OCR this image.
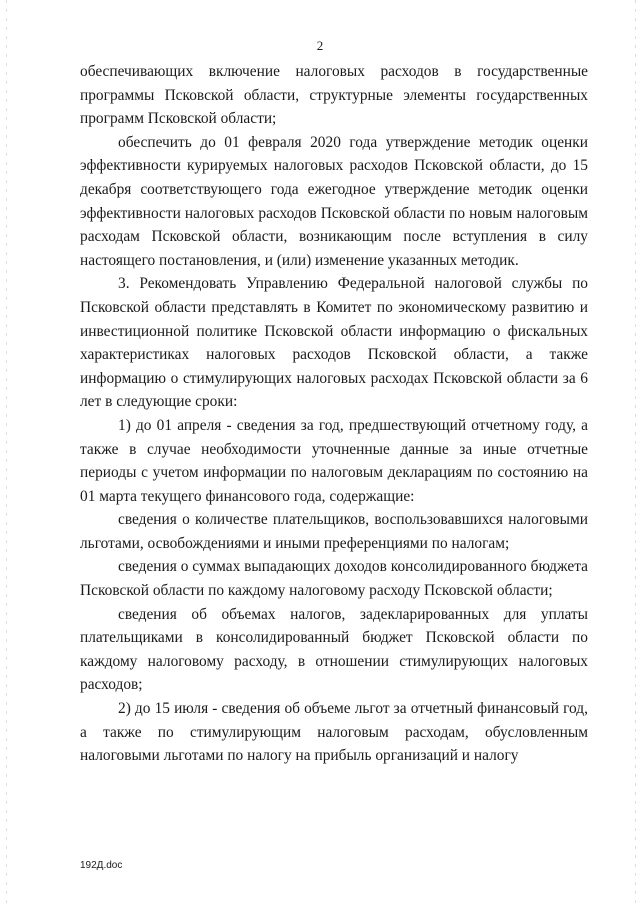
2

обеспечивающих включение налоговых расходов в государственные программы Псковской области, структурные элементы государственных программ Псковской области;

обеспечить до 01 февраля 2020 года утверждение методик оценки эффективности курируемых налоговых расходов Псковской области, до 15 декабря соответствующего года ежегодное утверждение методик оценки эффективности налоговых расходов Псковской области по новым налоговым расходам Псковской области, возникающим после вступления в силу настоящего постановления, и (или) изменение указанных методик.

3. Рекомендовать Управлению Федеральной налоговой службы по Псковской области представлять в Комитет по экономическому развитию и инвестиционной политике Псковской области информацию о фискальных характеристиках налоговых расходов Псковской области, а также информацию о стимулирующих налоговых расходах Псковской области за 6 лет в следующие сроки:

1) до 01 апреля - сведения за год, предшествующий отчетному году, а также в случае необходимости уточненные данные за иные отчетные периоды с учетом информации по налоговым декларациям по состоянию на 01 марта текущего финансового года, содержащие:

сведения о количестве плательщиков, воспользовавшихся налоговыми льготами, освобождениями и иными преференциями по налогам;

сведения о суммах выпадающих доходов консолидированного бюджета Псковской области по каждому налоговому расходу Псковской области;

сведения об объемах налогов, задекларированных для уплаты плательщиками в консолидированный бюджет Псковской области по каждому налоговому расходу, в отношении стимулирующих налоговых расходов;

2) до 15 июля - сведения об объеме льгот за отчетный финансовый год, а также по стимулирующим налоговым расходам, обусловленным налоговыми льготами по налогу на прибыль организаций и налогу

192Д.doc
